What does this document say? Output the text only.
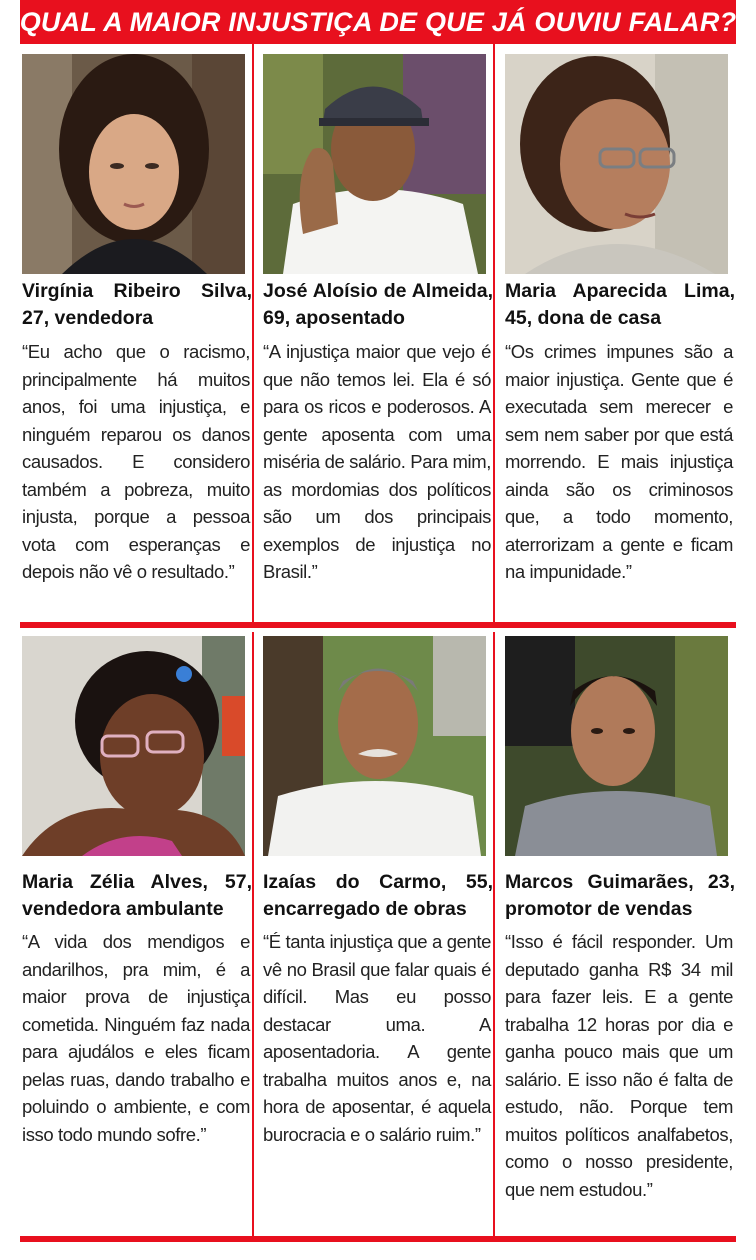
QUAL A MAIOR INJUSTIÇA DE QUE JÁ OUVIU FALAR?
Virgínia Ribeiro Silva, 27, vendedora
“Eu acho que o racismo, principalmente há muitos anos, foi uma injustiça, e ninguém reparou os danos causados. E considero também a pobreza, muito injusta, porque a pessoa vota com esperanças e depois não vê o resultado.”
José Aloísio de Almeida, 69, aposentado
“A injustiça maior que vejo é que não temos lei. Ela é só para os ricos e poderosos. A gente aposenta com uma miséria de salário. Para mim, as mordomias dos políticos são um dos principais exemplos de injustiça no Brasil.”
Maria Aparecida Lima, 45, dona de casa
“Os crimes impunes são a maior injustiça. Gente que é executada sem merecer e sem nem saber por que está morrendo. E mais injustiça ainda são os criminosos que, a todo momento, aterrorizam a gente e ficam na impunidade.”
Maria Zélia Alves, 57, vendedora ambulante
“A vida dos mendigos e andarilhos, pra mim, é a maior prova de injustiça cometida. Ninguém faz nada para ajudálos e eles ficam pelas ruas, dando trabalho e poluindo o ambiente, e com isso todo mundo sofre.”
Izaías do Carmo, 55, encarregado de obras
“É tanta injustiça que a gente vê no Brasil que falar quais é difícil. Mas eu posso destacar uma. A aposentadoria. A gente trabalha muitos anos e, na hora de aposentar, é aquela burocracia e o salário ruim.”
Marcos Guimarães, 23, promotor de vendas
“Isso é fácil responder. Um deputado ganha R$ 34 mil para fazer leis. E a gente trabalha 12 horas por dia e ganha pouco mais que um salário. E isso não é falta de estudo, não. Porque tem muitos políticos analfabetos, como o nosso presidente, que nem estudou.”
